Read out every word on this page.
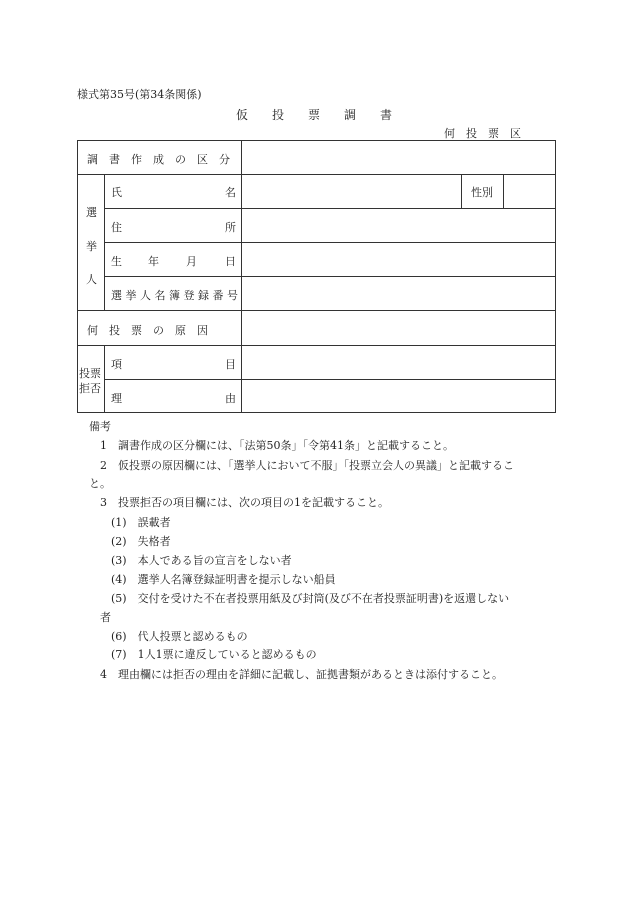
様式第35号(第34条関係)
仮　　投　　票　　調　　書
何　投　票　区
調　書　作　成　の　区　分
選
挙
人
氏	名	性別
住	所
生 年 月	日
選挙人名簿登録番号
何　投　票　の　原　因
投票
拒否
項	目
理	由
備考
1　調書作成の区分欄には、「法第50条」「令第41条」と記載すること。
2　仮投票の原因欄には、「選挙人において不服」「投票立会人の異議」と記載するこ
と。
3　投票拒否の項目欄には、次の項目の1を記載すること。
(1)　誤載者
(2)　失格者
(3)　本人である旨の宣言をしない者
(4)　選挙人名簿登録証明書を提示しない船員
(5)　交付を受けた不在者投票用紙及び封筒(及び不在者投票証明書)を返還しない
者
(6)　代人投票と認めるもの
(7)　1人1票に違反していると認めるもの
4　理由欄には拒否の理由を詳細に記載し、証拠書類があるときは添付すること。
